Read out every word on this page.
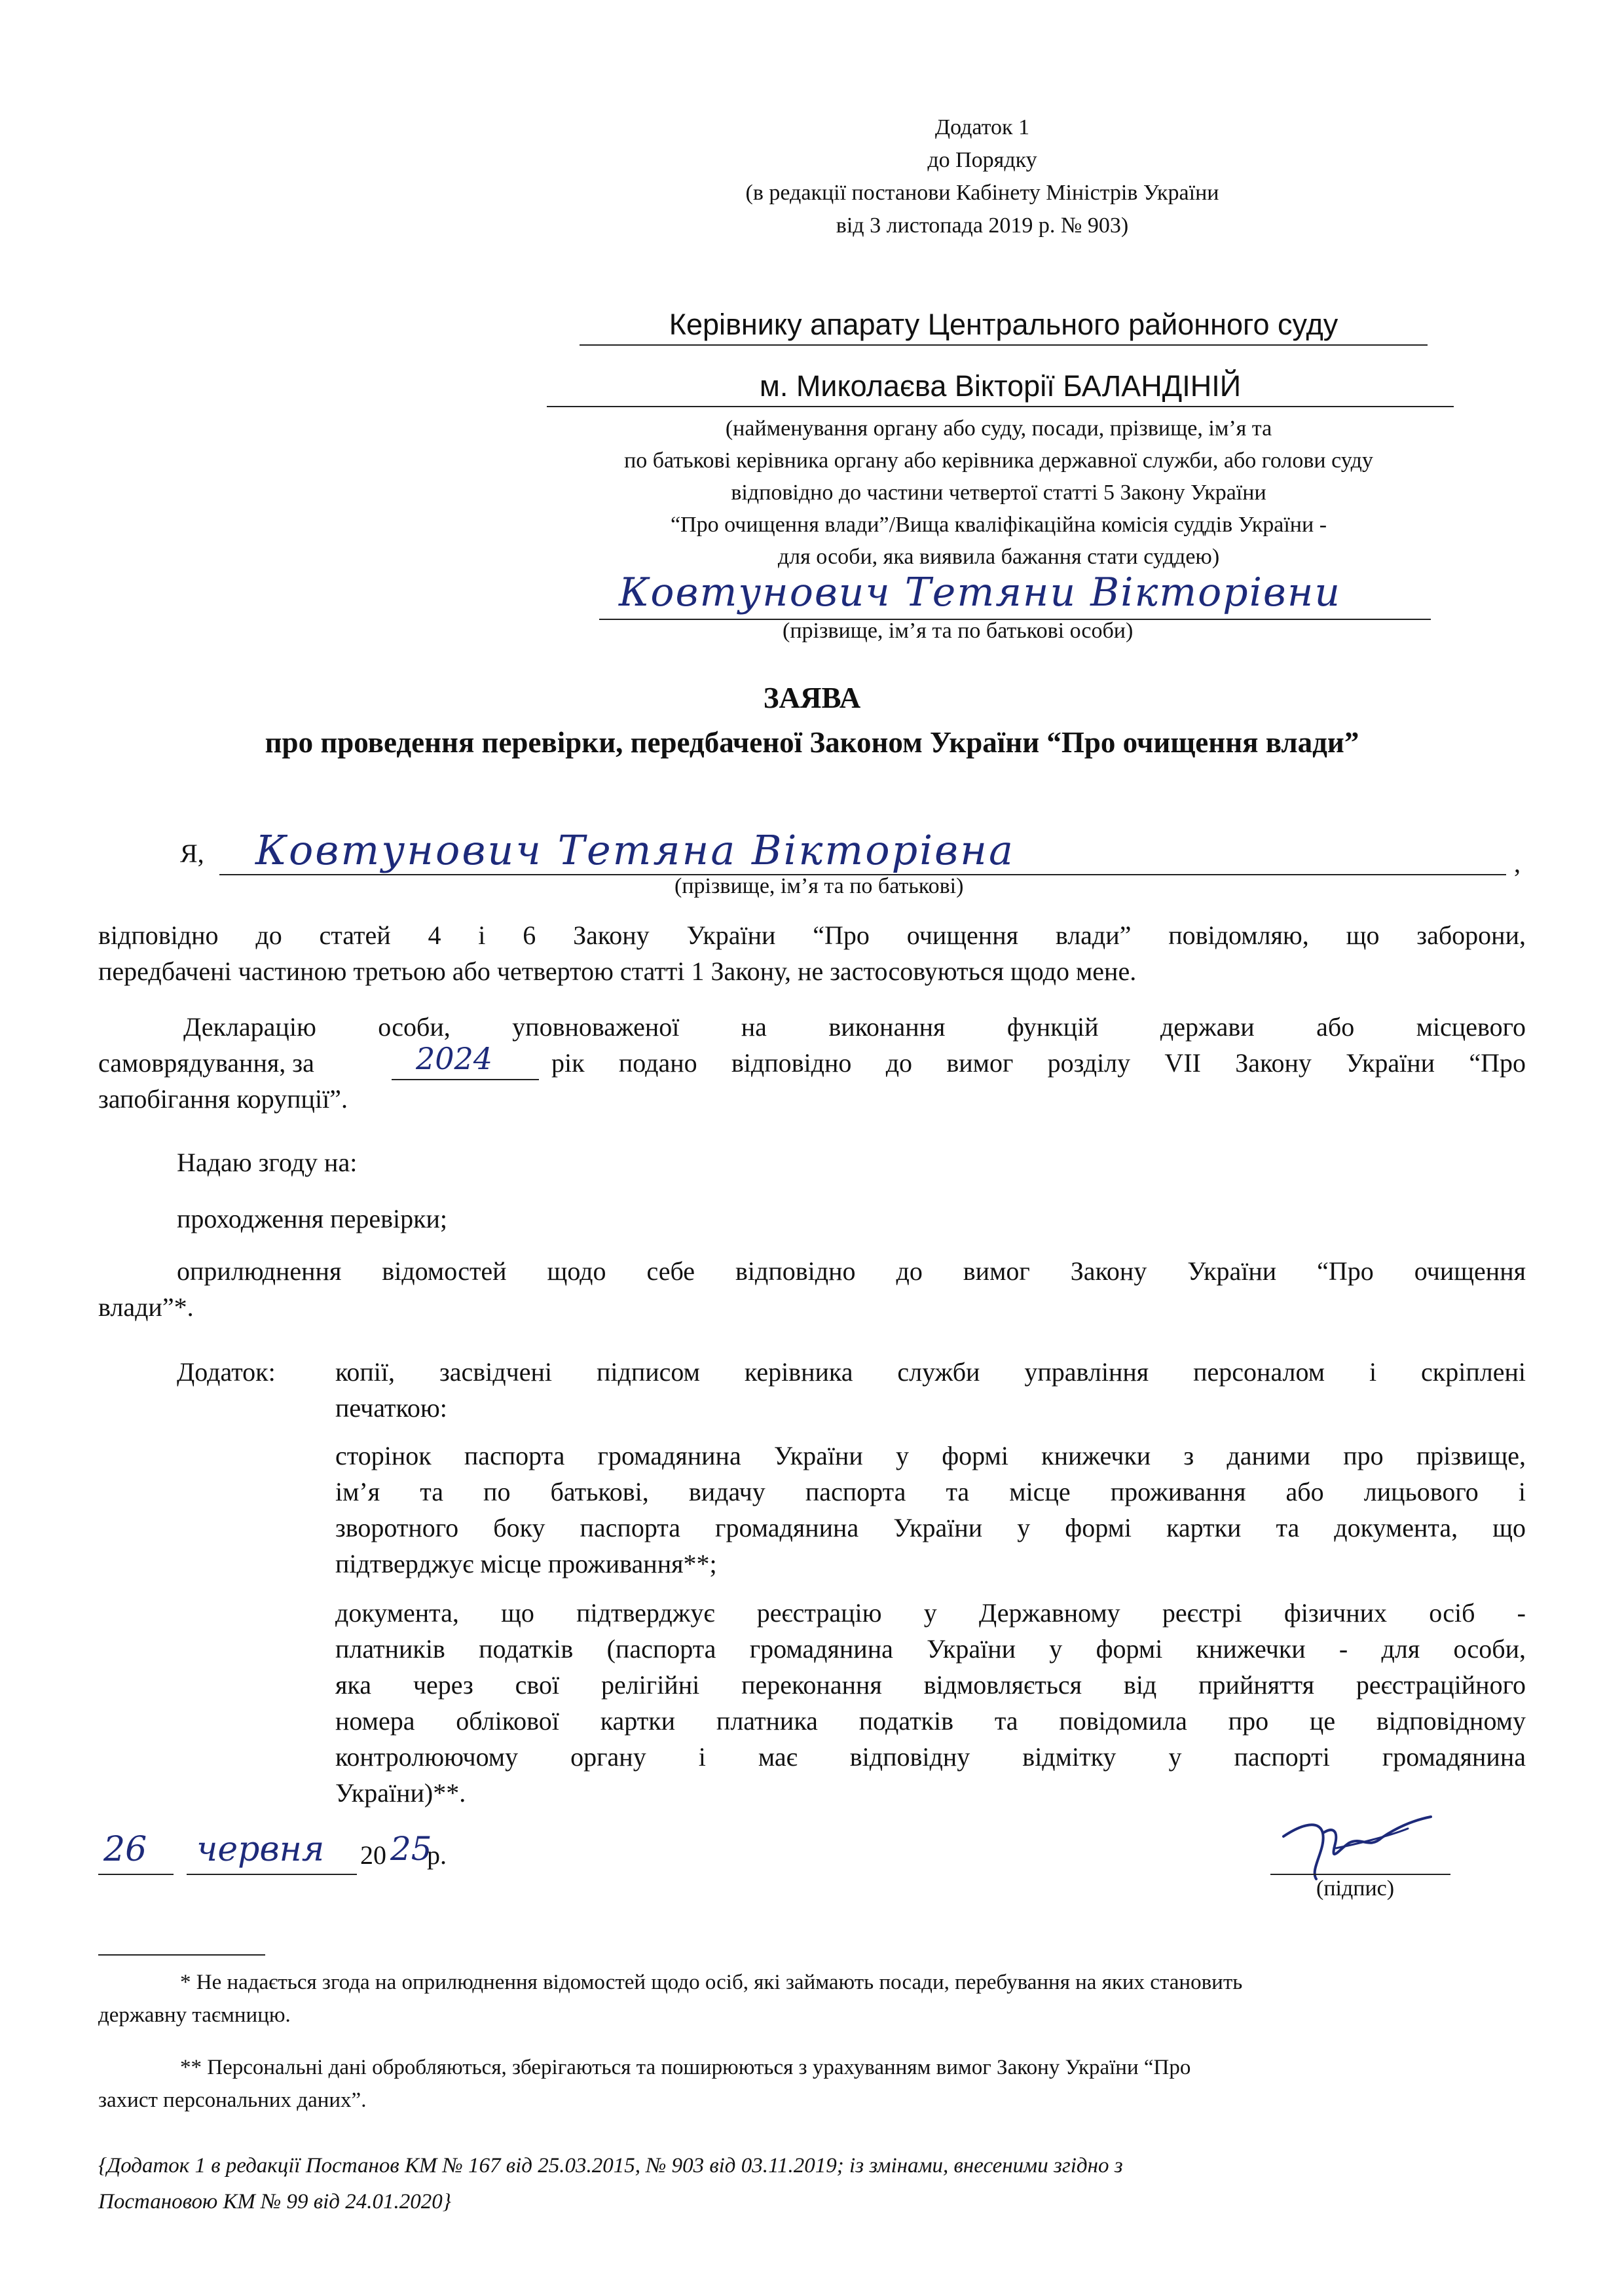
Додаток 1
до Порядку
(в редакції постанови Кабінету Міністрів України
від 3 листопада 2019 р. № 903)
Керівнику апарату Центрального районного суду
м. Миколаєва Вікторії БАЛАНДІНІЙ
(найменування органу або суду, посади, прізвище, ім’я та
по батькові керівника органу або керівника державної служби, або голови суду
відповідно до частини четвертої статті 5 Закону України
“Про очищення влади”/Вища кваліфікаційна комісія суддів України -
для особи, яка виявила бажання стати суддею)
Ковтунович Тетяни Вікторівни
(прізвище, ім’я та по батькові особи)
ЗАЯВА
про проведення перевірки, передбаченої Законом України “Про очищення влади”
Я, Ковтунович Тетяна Вікторівна	,
(прізвище, ім’я та по батькові)
відповідно до статей 4 і 6 Закону України “Про очищення влади” повідомляю, що заборони,
передбачені частиною третьою або четвертою статті 1 Закону, не застосовуються щодо мене.
Декларацію особи, уповноваженої на виконання функцій держави або місцевого
самоврядування, за	2024 рік подано відповідно до вимог розділу VII Закону України “Про
запобігання корупції”.
Надаю згоду на:
проходження перевірки;
оприлюднення відомостей щодо себе відповідно до вимог Закону України “Про очищення
влади”*.
Додаток: копії, засвідчені підписом керівника служби управління персоналом і скріплені
печаткою:
сторінок паспорта громадянина України у формі книжечки з даними про прізвище,
ім’я та по батькові, видачу паспорта та місце проживання або лицьового і
зворотного боку паспорта громадянина України у формі картки та документа, що
підтверджує місце проживання**;
документа, що підтверджує реєстрацію у Державному реєстрі фізичних осіб -
платників податків (паспорта громадянина України у формі книжечки - для особи,
яка через свої релігійні переконання відмовляється від прийняття реєстраційного
номера облікової картки платника податків та повідомила про це відповідному
контролюючому органу і має відповідну відмітку у паспорті громадянина
України)**.
26 червня 20 25
р.
(підпис)
* Не надається згода на оприлюднення відомостей щодо осіб, які займають посади, перебування на яких становить
державну таємницю.
** Персональні дані обробляються, зберігаються та поширюються з урахуванням вимог Закону України “Про
захист персональних даних”.
{Додаток 1 в редакції Постанов КМ № 167 від 25.03.2015, № 903 від 03.11.2019; із змінами, внесеними згідно з
Постановою КМ № 99 від 24.01.2020}
